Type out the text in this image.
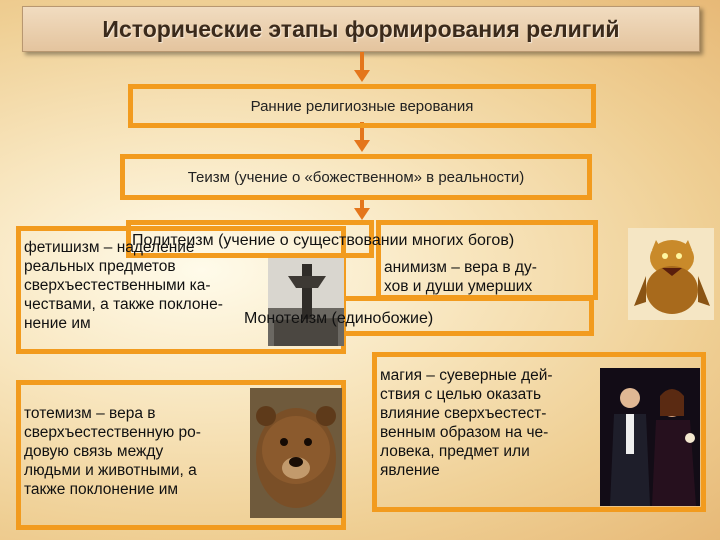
Исторические этапы формирования религий
Ранние религиозные верования
Теизм (учение о «божественном» в реальности)
фетишизм – наделение
реальных предметов
сверхъестественными ка-
чествами, а также поклоне-
нение им
Политеизм (учение о существовании многих богов)
анимизм – вера в ду-
хов и души умерших
Монотеизм (единобожие)
тотемизм – вера в
сверхъестественную ро-
довую связь между
людьми и животными, а
также поклонение им
магия – суеверные дей-
ствия с целью оказать
влияние сверхъестест-
венным образом на че-
ловека, предмет или
явление
